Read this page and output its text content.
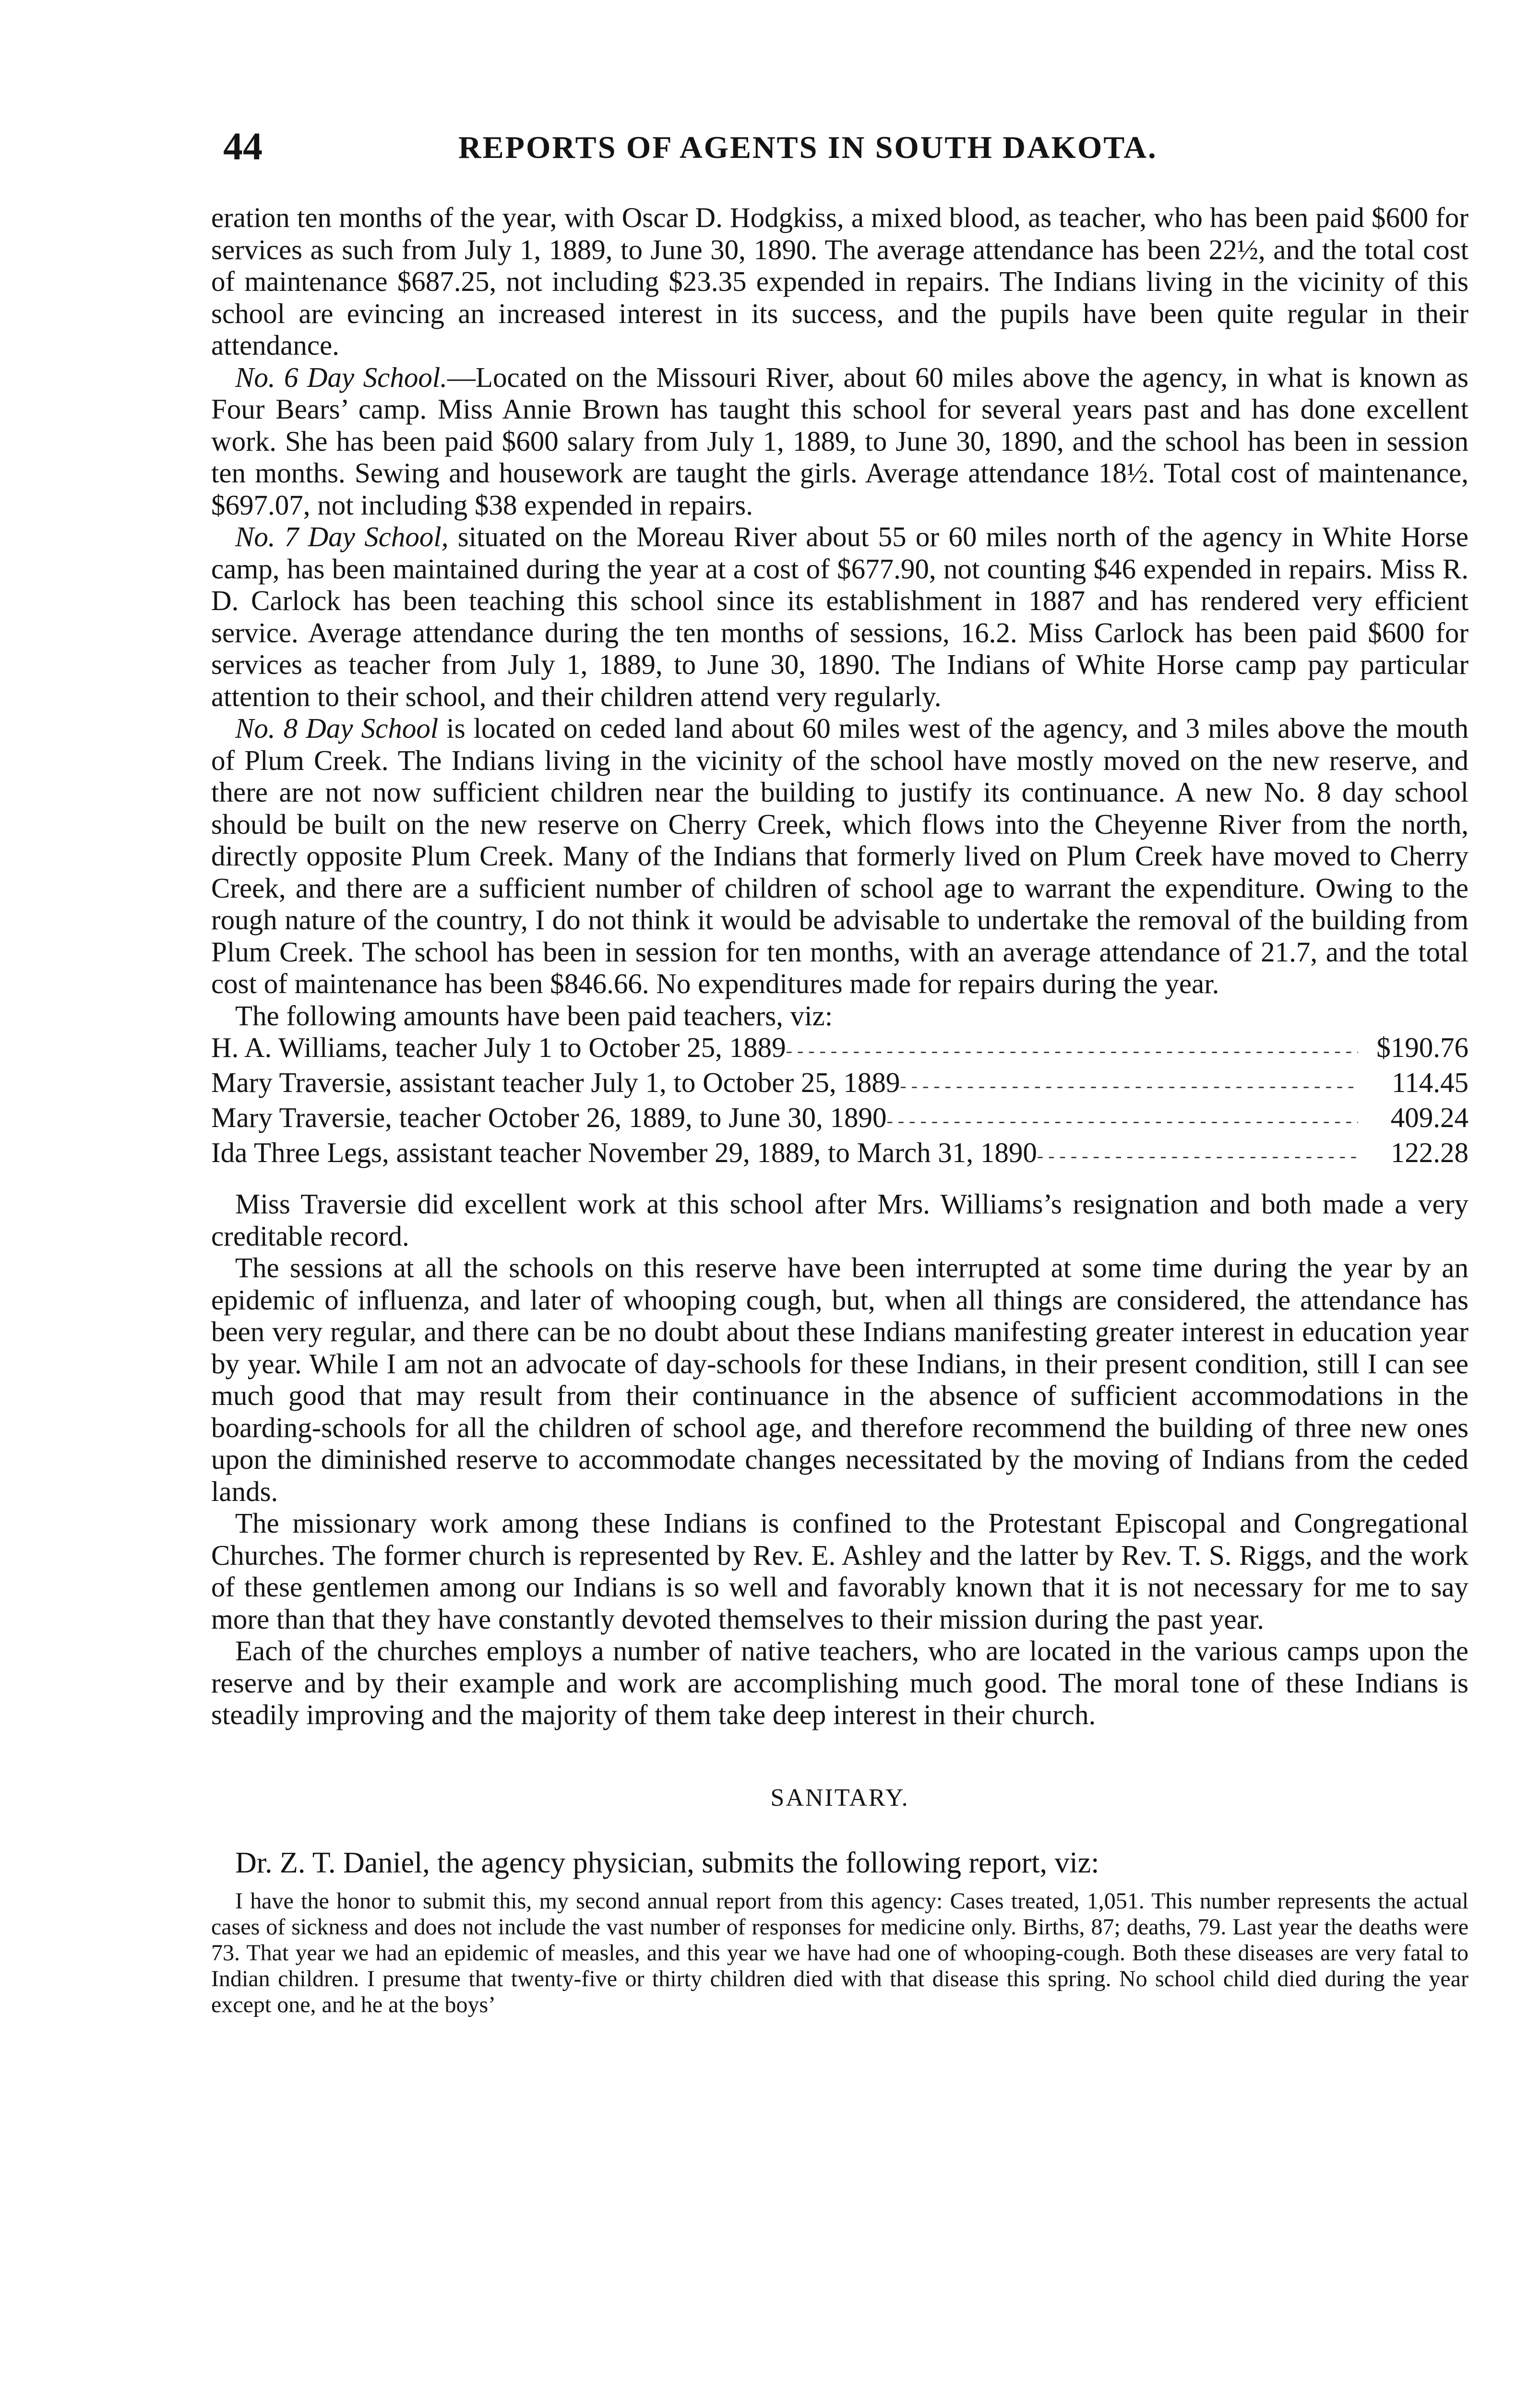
44	REPORTS OF AGENTS IN SOUTH DAKOTA.

eration ten months of the year, with Oscar D. Hodgkiss, a mixed blood, as teacher, who has been paid $600 for services as such from July 1, 1889, to June 30, 1890. The average attendance has been 22½, and the total cost of maintenance $687.25, not including $23.35 expended in repairs. The Indians living in the vicinity of this school are evincing an increased interest in its success, and the pupils have been quite regular in their attendance.

No. 6 Day School.—Located on the Missouri River, about 60 miles above the agency, in what is known as Four Bears’ camp. Miss Annie Brown has taught this school for several years past and has done excellent work. She has been paid $600 salary from July 1, 1889, to June 30, 1890, and the school has been in session ten months. Sewing and housework are taught the girls. Average attendance 18½. Total cost of maintenance, $697.07, not including $38 expended in repairs.

No. 7 Day School, situated on the Moreau River about 55 or 60 miles north of the agency in White Horse camp, has been maintained during the year at a cost of $677.90, not counting $46 expended in repairs. Miss R. D. Carlock has been teaching this school since its establishment in 1887 and has rendered very efficient service. Average attendance during the ten months of sessions, 16.2. Miss Carlock has been paid $600 for services as teacher from July 1, 1889, to June 30, 1890. The Indians of White Horse camp pay particular attention to their school, and their children attend very regularly.

No. 8 Day School is located on ceded land about 60 miles west of the agency, and 3 miles above the mouth of Plum Creek. The Indians living in the vicinity of the school have mostly moved on the new reserve, and there are not now sufficient children near the building to justify its continuance. A new No. 8 day school should be built on the new reserve on Cherry Creek, which flows into the Cheyenne River from the north, directly opposite Plum Creek. Many of the Indians that formerly lived on Plum Creek have moved to Cherry Creek, and there are a sufficient number of children of school age to warrant the expenditure. Owing to the rough nature of the country, I do not think it would be advisable to undertake the removal of the building from Plum Creek. The school has been in session for ten months, with an average attendance of 21.7, and the total cost of maintenance has been $846.66. No expenditures made for repairs during the year.

The following amounts have been paid teachers, viz:

H. A. Williams, teacher July 1 to October 25, 1889 - - -	$190.76
Mary Traversie, assistant teacher July 1, to October 25, 1889 - - -	114.45
Mary Traversie, teacher October 26, 1889, to June 30, 1890 - - -	409.24
Ida Three Legs, assistant teacher November 29, 1889, to March 31, 1890 - - -	122.28

Miss Traversie did excellent work at this school after Mrs. Williams’s resignation and both made a very creditable record.

The sessions at all the schools on this reserve have been interrupted at some time during the year by an epidemic of influenza, and later of whooping cough, but, when all things are considered, the attendance has been very regular, and there can be no doubt about these Indians manifesting greater interest in education year by year. While I am not an advocate of day-schools for these Indians, in their present condition, still I can see much good that may result from their continuance in the absence of sufficient accommodations in the boarding-schools for all the children of school age, and therefore recommend the building of three new ones upon the diminished reserve to accommodate changes necessitated by the moving of Indians from the ceded lands.

The missionary work among these Indians is confined to the Protestant Episcopal and Congregational Churches. The former church is represented by Rev. E. Ashley and the latter by Rev. T. S. Riggs, and the work of these gentlemen among our Indians is so well and favorably known that it is not necessary for me to say more than that they have constantly devoted themselves to their mission during the past year.

Each of the churches employs a number of native teachers, who are located in the various camps upon the reserve and by their example and work are accomplishing much good. The moral tone of these Indians is steadily improving and the majority of them take deep interest in their church.

SANITARY.

Dr. Z. T. Daniel, the agency physician, submits the following report, viz:

I have the honor to submit this, my second annual report from this agency: Cases treated, 1,051. This number represents the actual cases of sickness and does not include the vast number of responses for medicine only. Births, 87; deaths, 79. Last year the deaths were 73. That year we had an epidemic of measles, and this year we have had one of whooping-cough. Both these diseases are very fatal to Indian children. I presume that twenty-five or thirty children died with that disease this spring. No school child died during the year except one, and he at the boys’
